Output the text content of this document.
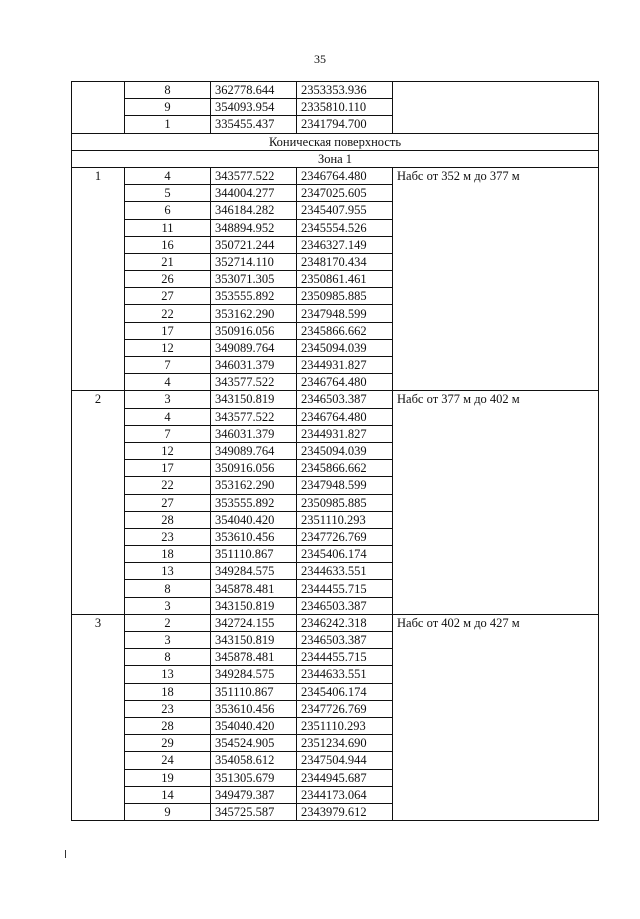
35
	8	362778.644	2353353.936	
	9	354093.954	2335810.110	
	1	335455.437	2341794.700	
Коническая поверхность				
Зона 1				
1	4	343577.522	2346764.480	Набс от 352 м до 377 м
	5	344004.277	2347025.605	
	6	346184.282	2345407.955	
	11	348894.952	2345554.526	
	16	350721.244	2346327.149	
	21	352714.110	2348170.434	
	26	353071.305	2350861.461	
	27	353555.892	2350985.885	
	22	353162.290	2347948.599	
	17	350916.056	2345866.662	
	12	349089.764	2345094.039	
	7	346031.379	2344931.827	
	4	343577.522	2346764.480	
2	3	343150.819	2346503.387	Набс от 377 м до 402 м
	4	343577.522	2346764.480	
	7	346031.379	2344931.827	
	12	349089.764	2345094.039	
	17	350916.056	2345866.662	
	22	353162.290	2347948.599	
	27	353555.892	2350985.885	
	28	354040.420	2351110.293	
	23	353610.456	2347726.769	
	18	351110.867	2345406.174	
	13	349284.575	2344633.551	
	8	345878.481	2344455.715	
	3	343150.819	2346503.387	
3	2	342724.155	2346242.318	Набс от 402 м до 427 м
	3	343150.819	2346503.387	
	8	345878.481	2344455.715	
	13	349284.575	2344633.551	
	18	351110.867	2345406.174	
	23	353610.456	2347726.769	
	28	354040.420	2351110.293	
	29	354524.905	2351234.690	
	24	354058.612	2347504.944	
	19	351305.679	2344945.687	
	14	349479.387	2344173.064	
	9	345725.587	2343979.612	
